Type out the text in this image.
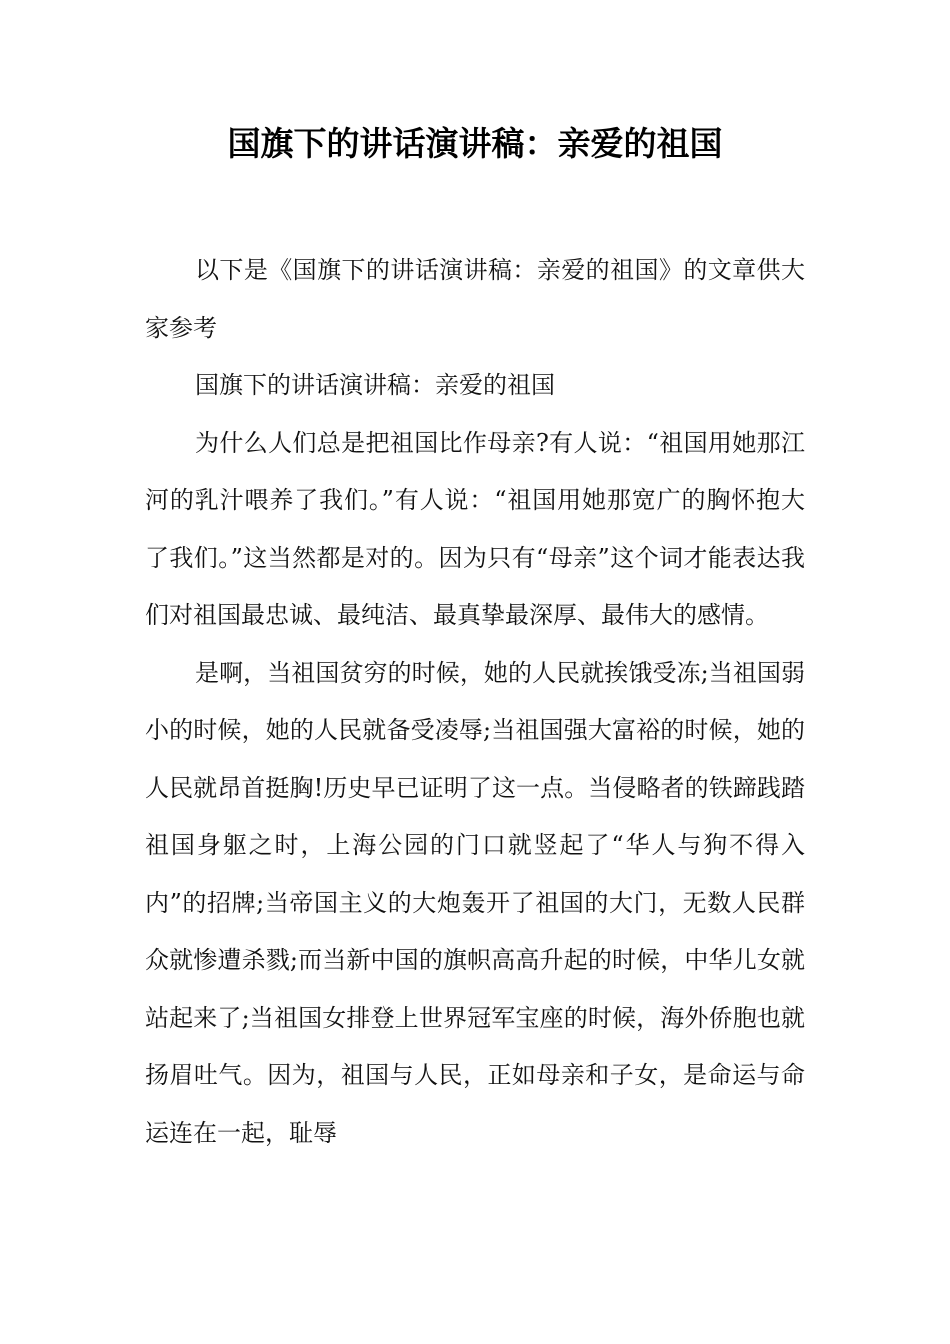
国旗下的讲话演讲稿：亲爱的祖国

以下是《国旗下的讲话演讲稿：亲爱的祖国》的文章供大家参考

国旗下的讲话演讲稿：亲爱的祖国

为什么人们总是把祖国比作母亲?有人说：“祖国用她那江河的乳汁喂养了我们。”有人说：“祖国用她那宽广的胸怀抱大了我们。”这当然都是对的。因为只有“母亲”这个词才能表达我们对祖国最忠诚、最纯洁、最真挚最深厚、最伟大的感情。

是啊，当祖国贫穷的时候，她的人民就挨饿受冻;当祖国弱小的时候，她的人民就备受凌辱;当祖国强大富裕的时候，她的人民就昂首挺胸!历史早已证明了这一点。当侵略者的铁蹄践踏祖国身躯之时，上海公园的门口就竖起了“华人与狗不得入内”的招牌;当帝国主义的大炮轰开了祖国的大门，无数人民群众就惨遭杀戮;而当新中国的旗帜高高升起的时候，中华儿女就站起来了;当祖国女排登上世界冠军宝座的时候，海外侨胞也就扬眉吐气。因为，祖国与人民，正如母亲和子女，是命运与命运连在一起，耻辱
